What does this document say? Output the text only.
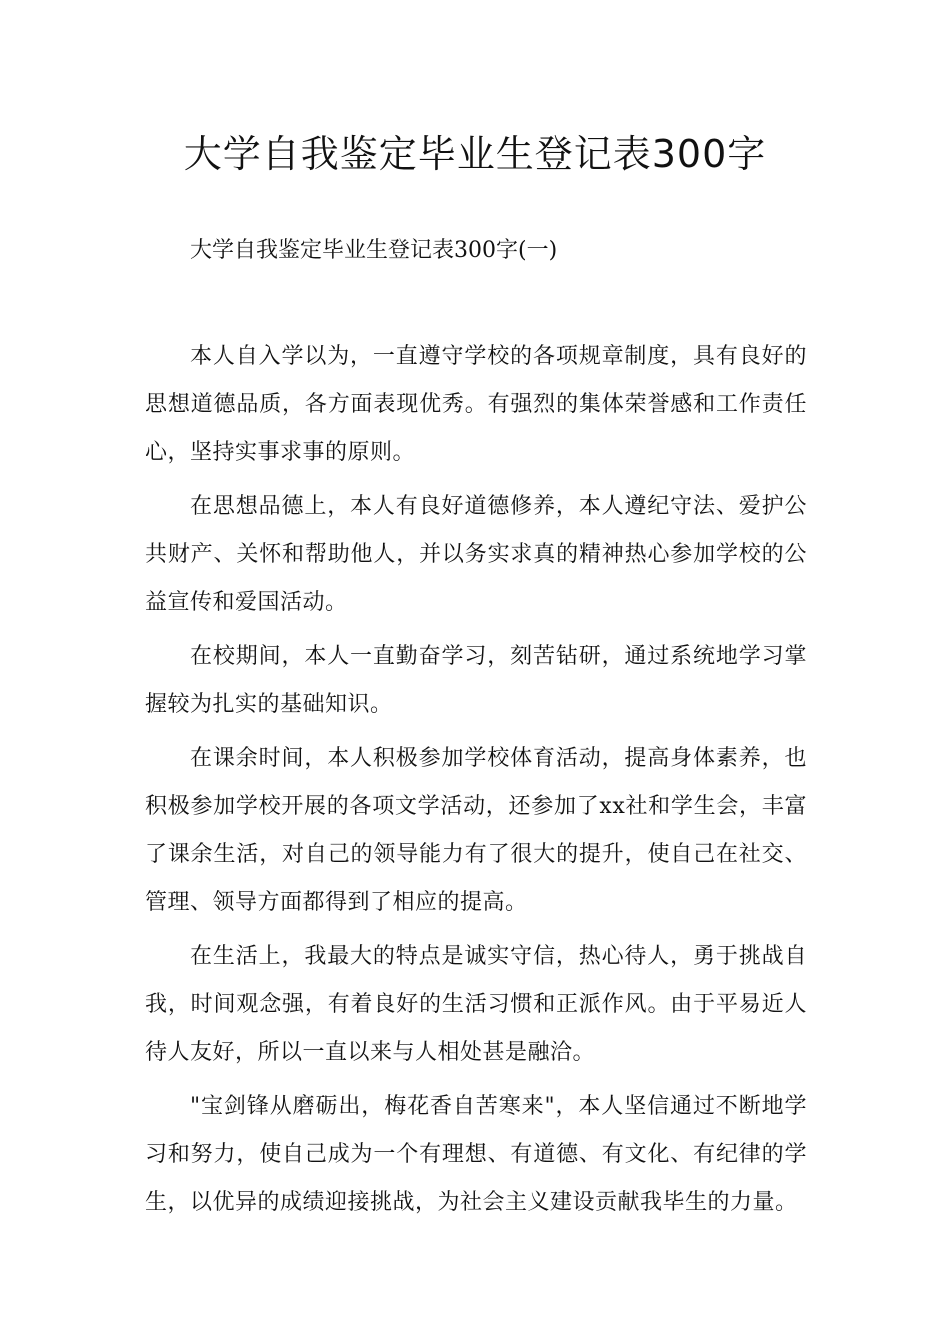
大学自我鉴定毕业生登记表300字

大学自我鉴定毕业生登记表300字(一)

本人自入学以为，一直遵守学校的各项规章制度，具有良好的思想道德品质，各方面表现优秀。有强烈的集体荣誉感和工作责任心，坚持实事求事的原则。

在思想品德上，本人有良好道德修养，本人遵纪守法、爱护公共财产、关怀和帮助他人，并以务实求真的精神热心参加学校的公益宣传和爱国活动。

在校期间，本人一直勤奋学习，刻苦钻研，通过系统地学习掌握较为扎实的基础知识。

在课余时间，本人积极参加学校体育活动，提高身体素养，也积极参加学校开展的各项文学活动，还参加了xx社和学生会，丰富了课余生活，对自己的领导能力有了很大的提升，使自己在社交、管理、领导方面都得到了相应的提高。

在生活上，我最大的特点是诚实守信，热心待人，勇于挑战自我，时间观念强，有着良好的生活习惯和正派作风。由于平易近人待人友好，所以一直以来与人相处甚是融洽。

"宝剑锋从磨砺出，梅花香自苦寒来"，本人坚信通过不断地学习和努力，使自己成为一个有理想、有道德、有文化、有纪律的学生，以优异的成绩迎接挑战，为社会主义建设贡献我毕生的力量。
